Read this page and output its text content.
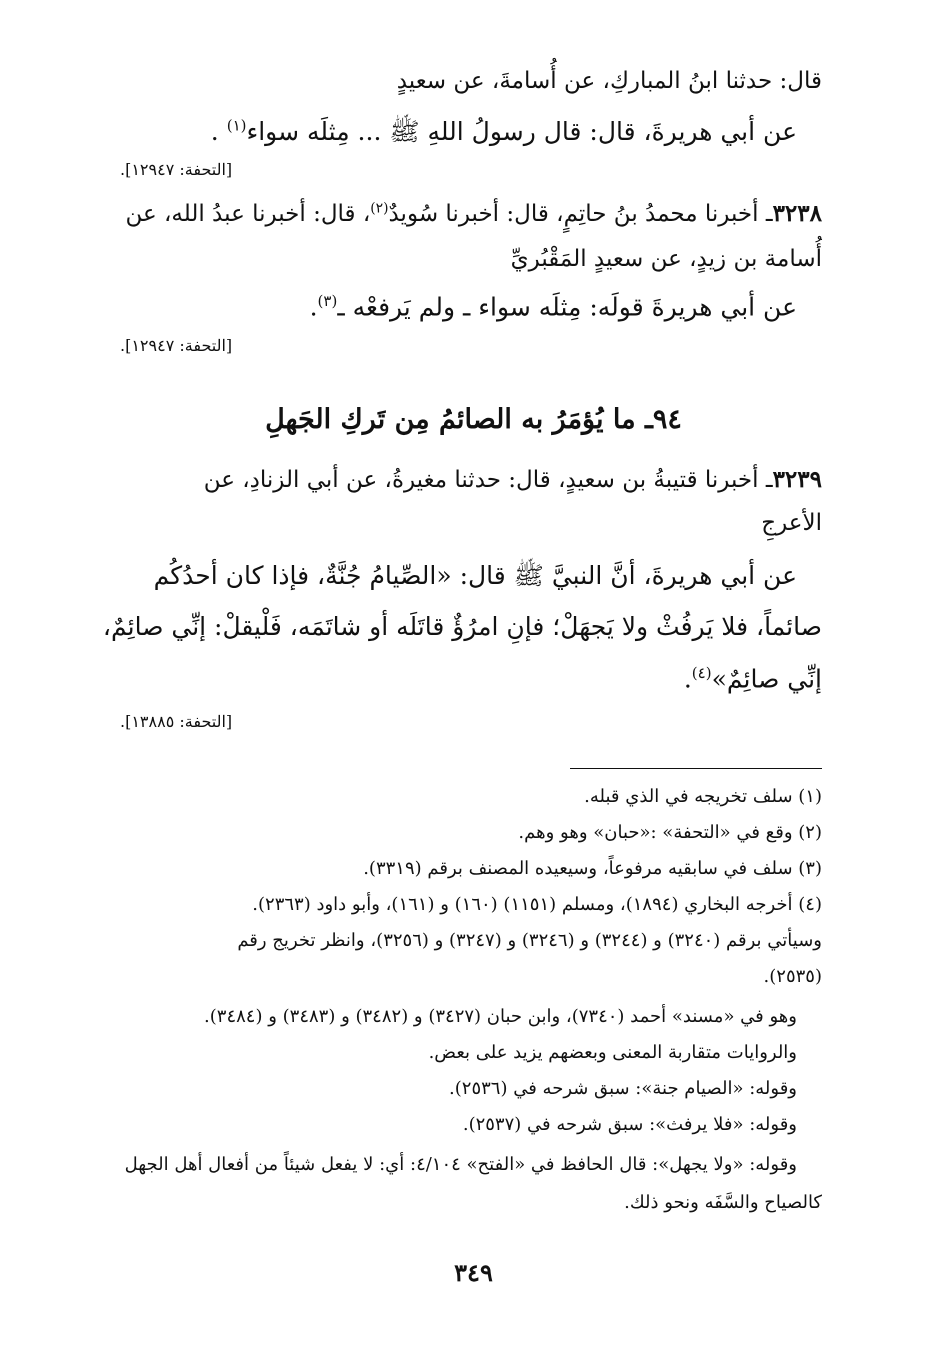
قال: حدثنا ابنُ المباركِ، عن أُسامةَ، عن سعيدٍ
عن أبي هريرةَ، قال: قال رسولُ اللهِ ﷺ ... مِثلَه سواء$^{(١)}$ .
[التحفة: ١٢٩٤٧].
٣٢٣٨ـ أخبرنا محمدُ بنُ حاتِمٍ، قال: أخبرنا سُويدٌ$^{(٢)}$، قال: أخبرنا عبدُ الله، عن
أُسامة بن زيدٍ، عن سعيدٍ المَقْبُريِّ
عن أبي هريرةَ قولَه: مِثلَه سواء ـ ولم يَرفعْه ـ$^{(٣)}$.
[التحفة: ١٢٩٤٧].
٩٤ـ ما يُؤمَرُ به الصائمُ مِن تَركِ الجَهلِ
٣٢٣٩ـ أخبرنا قتيبةُ بن سعيدٍ، قال: حدثنا مغيرةُ، عن أبي الزنادِ، عن
الأعرجِ
عن أبي هريرةَ، أنَّ النبيَّ ﷺ قال: «الصِّيامُ جُنَّةٌ، فإذا كان أحدُكُم
صائماً، فلا يَرفُثْ ولا يَجهَلْ؛ فإنِ امرُؤٌ قاتَلَه أو شاتَمَه، فَلْيقلْ: إنِّي صائِمٌ،
إنِّي صائِمٌ»$^{(٤)}$.
[التحفة: ١٣٨٨٥].
(١) سلف تخريجه في الذي قبله.
(٢) وقع في «التحفة» :«حبان» وهو وهم.
(٣) سلف في سابقيه مرفوعاً، وسيعيده المصنف برقم (٣٣١٩).
(٤) أخرجه البخاري (١٨٩٤)، ومسلم (١١٥١) (١٦٠) و (١٦١)، وأبو داود (٢٣٦٣).
وسيأتي برقم (٣٢٤٠) و (٣٢٤٤) و (٣٢٤٦) و (٣٢٤٧) و (٣٢٥٦)، وانظر تخريج رقم
(٢٥٣٥).
وهو في «مسند» أحمد (٧٣٤٠)، وابن حبان (٣٤٢٧) و (٣٤٨٢) و (٣٤٨٣) و (٣٤٨٤).
والروايات متقاربة المعنى وبعضهم يزيد على بعض.
وقوله: «الصيام جنة»: سبق شرحه في (٢٥٣٦).
وقوله: «فلا يرفث»: سبق شرحه في (٢٥٣٧).
وقوله: «ولا يجهل»: قال الحافظ في «الفتح» ٤/١٠٤: أي: لا يفعل شيئاً من أفعال أهل الجهل
كالصياح والسَّفَه ونحو ذلك.
٣٤٩
